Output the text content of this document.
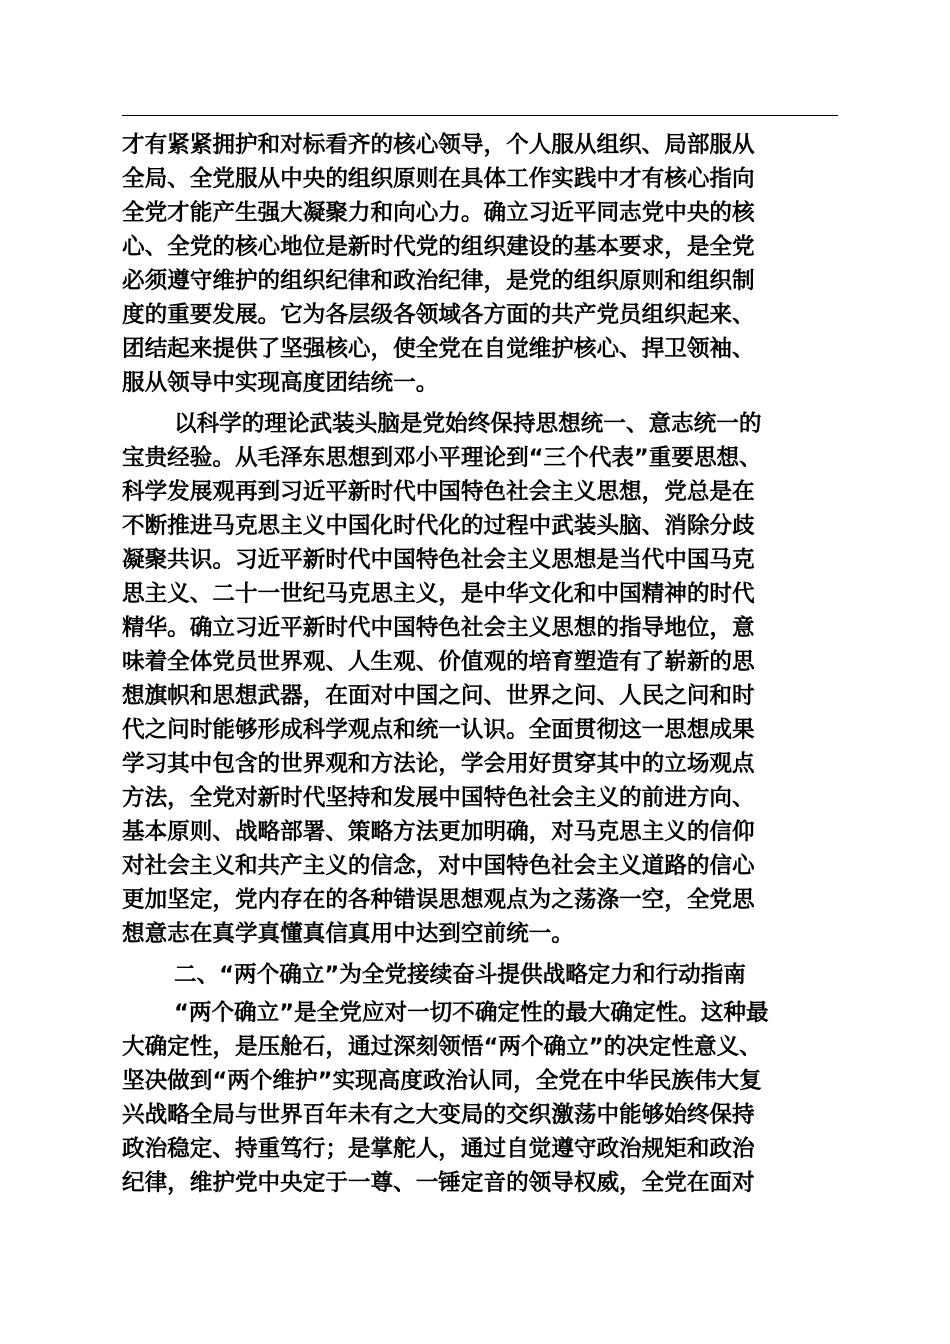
才有紧紧拥护和对标看齐的核心领导，个人服从组织、局部服从
全局、全党服从中央的组织原则在具体工作实践中才有核心指向
全党才能产生强大凝聚力和向心力。确立习近平同志党中央的核
心、全党的核心地位是新时代党的组织建设的基本要求，是全党
必须遵守维护的组织纪律和政治纪律，是党的组织原则和组织制
度的重要发展。它为各层级各领域各方面的共产党员组织起来、
团结起来提供了坚强核心，使全党在自觉维护核心、捍卫领袖、
服从领导中实现高度团结统一。
以科学的理论武装头脑是党始终保持思想统一、意志统一的
宝贵经验。从毛泽东思想到邓小平理论到“三个代表”重要思想、
科学发展观再到习近平新时代中国特色社会主义思想，党总是在
不断推进马克思主义中国化时代化的过程中武装头脑、消除分歧
凝聚共识。习近平新时代中国特色社会主义思想是当代中国马克
思主义、二十一世纪马克思主义，是中华文化和中国精神的时代
精华。确立习近平新时代中国特色社会主义思想的指导地位，意
味着全体党员世界观、人生观、价值观的培育塑造有了崭新的思
想旗帜和思想武器，在面对中国之问、世界之问、人民之问和时
代之问时能够形成科学观点和统一认识。全面贯彻这一思想成果
学习其中包含的世界观和方法论，学会用好贯穿其中的立场观点
方法，全党对新时代坚持和发展中国特色社会主义的前进方向、
基本原则、战略部署、策略方法更加明确，对马克思主义的信仰
对社会主义和共产主义的信念，对中国特色社会主义道路的信心
更加坚定，党内存在的各种错误思想观点为之荡涤一空，全党思
想意志在真学真懂真信真用中达到空前统一。
二、“两个确立”为全党接续奋斗提供战略定力和行动指南
“两个确立”是全党应对一切不确定性的最大确定性。这种最
大确定性，是压舱石，通过深刻领悟“两个确立”的决定性意义、
坚决做到“两个维护”实现高度政治认同，全党在中华民族伟大复
兴战略全局与世界百年未有之大变局的交织激荡中能够始终保持
政治稳定、持重笃行；是掌舵人，通过自觉遵守政治规矩和政治
纪律，维护党中央定于一尊、一锤定音的领导权威，全党在面对
